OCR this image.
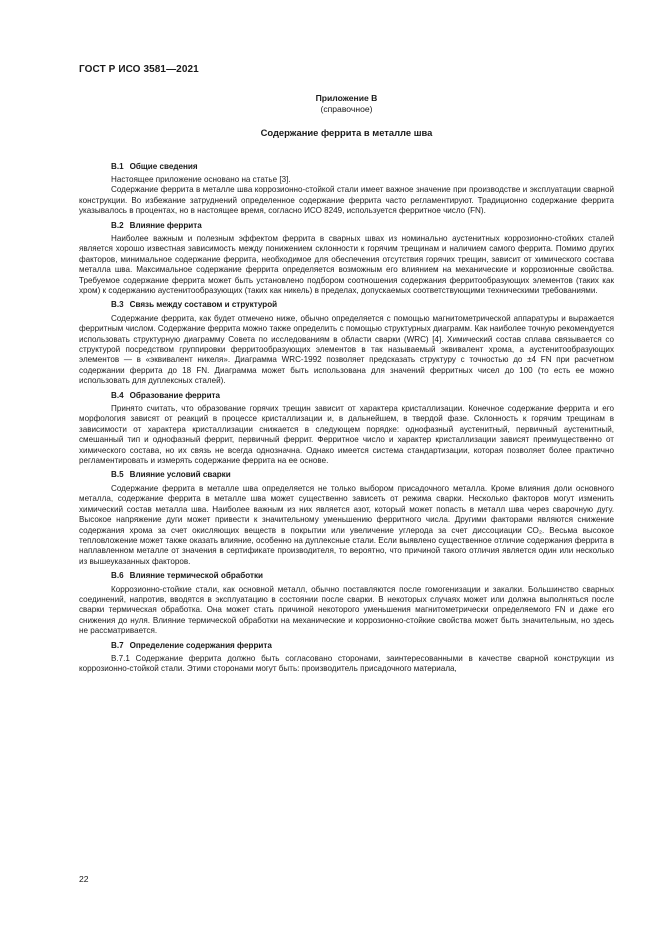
ГОСТ Р ИСО 3581—2021
Приложение В
(справочное)
Содержание феррита в металле шва
В.1 Общие сведения

Настоящее приложение основано на статье [3].

Содержание феррита в металле шва коррозионно-стойкой стали имеет важное значение при производстве и эксплуатации сварной конструкции. Во избежание затруднений определенное содержание феррита часто регламентируют. Традиционно содержание феррита указывалось в процентах, но в настоящее время, согласно ИСО 8249, используется ферритное число (FN).

В.2 Влияние феррита

Наиболее важным и полезным эффектом феррита в сварных швах из номинально аустенитных коррозионно-стойких сталей является хорошо известная зависимость между понижением склонности к горячим трещинам и наличием самого феррита. Помимо других факторов, минимальное содержание феррита, необходимое для обеспечения отсутствия горячих трещин, зависит от химического состава металла шва. Максимальное содержание феррита определяется возможным его влиянием на механические и коррозионные свойства. Требуемое содержание феррита может быть установлено подбором соотношения содержания ферритообразующих элементов (таких как хром) к содержанию аустенитообразующих (таких как никель) в пределах, допускаемых соответствующими техническими требованиями.

В.3 Связь между составом и структурой

Содержание феррита, как будет отмечено ниже, обычно определяется с помощью магнитометрической аппаратуры и выражается ферритным числом. Содержание феррита можно также определить с помощью структурных диаграмм. Как наиболее точную рекомендуется использовать структурную диаграмму Совета по исследованиям в области сварки (WRC) [4]. Химический состав сплава связывается со структурой посредством группировки ферритообразующих элементов в так называемый эквивалент хрома, а аустенитообразующих элементов — в «эквивалент никеля». Диаграмма WRC-1992 позволяет предсказать структуру с точностью до ±4 FN при расчетном содержании феррита до 18 FN. Диаграмма может быть использована для значений ферритных чисел до 100 (то есть ее можно использовать для дуплексных сталей).

В.4 Образование феррита

Принято считать, что образование горячих трещин зависит от характера кристаллизации. Конечное содержание феррита и его морфология зависят от реакций в процессе кристаллизации и, в дальнейшем, в твердой фазе. Склонность к горячим трещинам в зависимости от характера кристаллизации снижается в следующем порядке: однофазный аустенитный, первичный аустенитный, смешанный тип и однофазный феррит, первичный феррит. Ферритное число и характер кристаллизации зависят преимущественно от химического состава, но их связь не всегда однозначна. Однако имеется система стандартизации, которая позволяет более практично регламентировать и измерять содержание феррита на ее основе.

В.5 Влияние условий сварки

Содержание феррита в металле шва определяется не только выбором присадочного металла. Кроме влияния доли основного металла, содержание феррита в металле шва может существенно зависеть от режима сварки. Несколько факторов могут изменить химический состав металла шва. Наиболее важным из них является азот, который может попасть в металл шва через сварочную дугу. Высокое напряжение дуги может привести к значительному уменьшению ферритного числа. Другими факторами являются снижение содержания хрома за счет окисляющих веществ в покрытии или увеличение углерода за счет диссоциации СО₂. Весьма высокое тепловложение может также оказать влияние, особенно на дуплексные стали. Если выявлено существенное отличие содержания феррита в наплавленном металле от значения в сертификате производителя, то вероятно, что причиной такого отличия является один или несколько из вышеуказанных факторов.

В.6 Влияние термической обработки

Коррозионно-стойкие стали, как основной металл, обычно поставляются после гомогенизации и закалки. Большинство сварных соединений, напротив, вводятся в эксплуатацию в состоянии после сварки. В некоторых случаях может или должна выполняться после сварки термическая обработка. Она может стать причиной некоторого уменьшения магнитометрически определяемого FN и даже его снижения до нуля. Влияние термической обработки на механические и коррозионно-стойкие свойства может быть значительным, но здесь не рассматривается.

В.7 Определение содержания феррита

В.7.1 Содержание феррита должно быть согласовано сторонами, заинтересованными в качестве сварной конструкции из коррозионно-стойкой стали. Этими сторонами могут быть: производитель присадочного материала,

22
